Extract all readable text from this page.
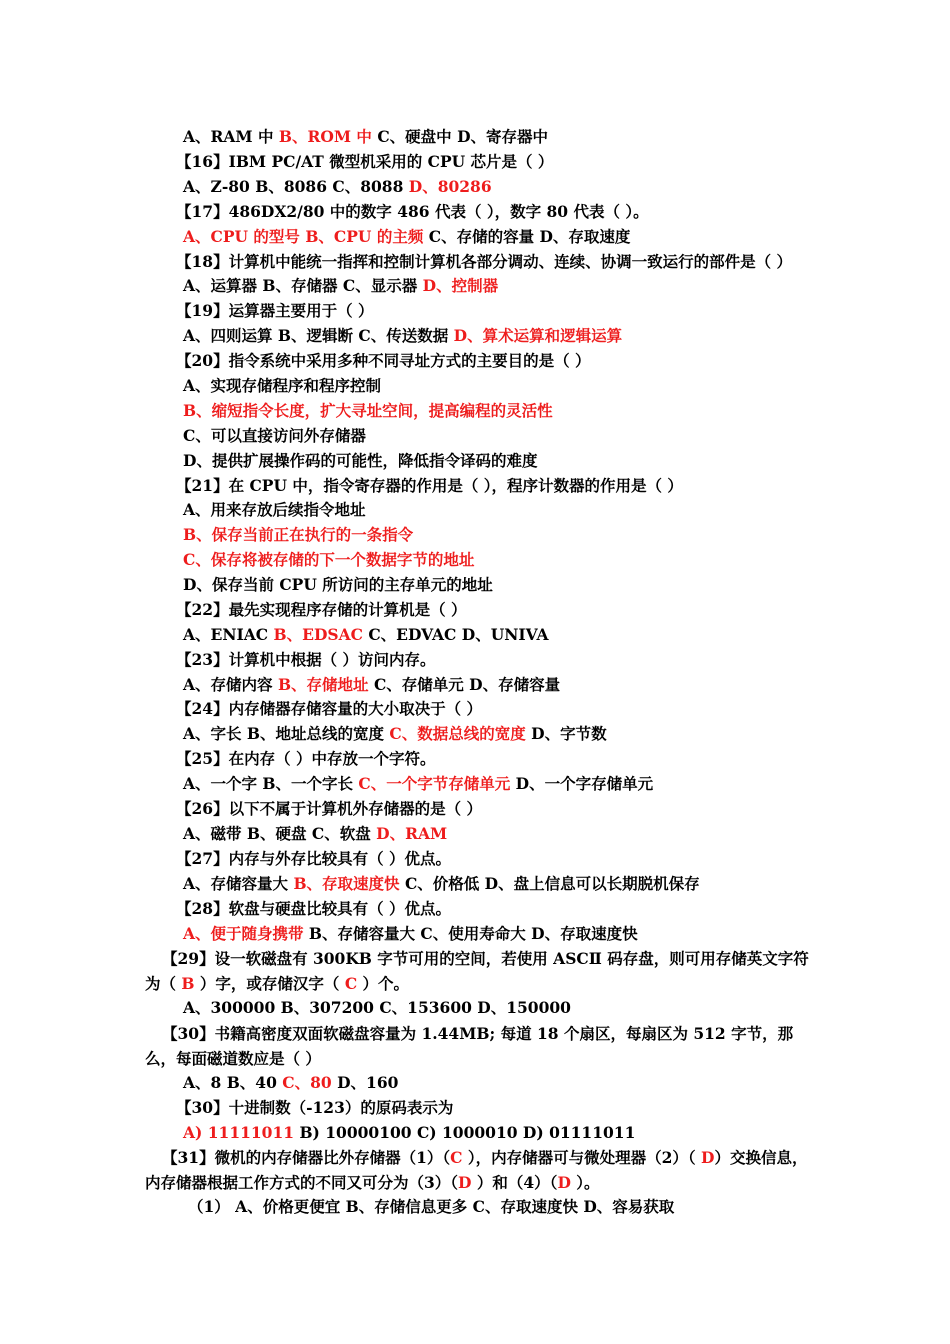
A、RAM 中 B、ROM 中 C、硬盘中 D、寄存器中
【16】IBM PC/AT 微型机采用的 CPU 芯片是（ ）
A、Z-80 B、8086 C、8088 D、80286
【17】486DX2/80 中的数字 486 代表（ ），数字 80 代表（ ）。
A、CPU 的型号 B、CPU 的主频 C、存储的容量 D、存取速度
【18】计算机中能统一指挥和控制计算机各部分调动、连续、协调一致运行的部件是（ ）
A、运算器 B、存储器 C、显示器 D、控制器
【19】运算器主要用于（ ）
A、四则运算 B、逻辑断 C、传送数据 D、算术运算和逻辑运算
【20】指令系统中采用多种不同寻址方式的主要目的是（ ）
A、实现存储程序和程序控制
B、缩短指令长度，扩大寻址空间，提高编程的灵活性
C、可以直接访问外存储器
D、提供扩展操作码的可能性，降低指令译码的难度
【21】在 CPU 中，指令寄存器的作用是（ ），程序计数器的作用是（ ）
A、用来存放后续指令地址
B、保存当前正在执行的一条指令
C、保存将被存储的下一个数据字节的地址
D、保存当前 CPU 所访问的主存单元的地址
【22】最先实现程序存储的计算机是（ ）
A、ENIAC B、EDSAC C、EDVAC D、UNIVA
【23】计算机中根据（ ）访问内存。
A、存储内容 B、存储地址 C、存储单元 D、存储容量
【24】内存储器存储容量的大小取决于（ ）
A、字长 B、地址总线的宽度 C、数据总线的宽度 D、字节数
【25】在内存（ ）中存放一个字符。
A、一个字 B、一个字长 C、一个字节存储单元 D、一个字存储单元
【26】以下不属于计算机外存储器的是（ ）
A、磁带 B、硬盘 C、软盘 D、RAM
【27】内存与外存比较具有（ ）优点。
A、存储容量大 B、存取速度快 C、价格低 D、盘上信息可以长期脱机保存
【28】软盘与硬盘比较具有（ ）优点。
A、便于随身携带 B、存储容量大 C、使用寿命大 D、存取速度快
【29】设一软磁盘有 300KB 字节可用的空间，若使用 ASCⅡ 码存盘，则可用存储英文字符为（ B ）字，或存储汉字（ C ）个。
A、300000 B、307200 C、153600 D、150000
【30】书籍高密度双面软磁盘容量为 1.44MB; 每道 18 个扇区，每扇区为 512 字节，那么，每面磁道数应是（ ）
A、8 B、40 C、80 D、160
【30】十进制数（-123）的原码表示为
A) 11111011 B) 10000100 C) 1000010 D) 01111011
【31】微机的内存储器比外存储器（1）（C ），内存储器可与微处理器（2）（ D）交换信息，内存储器根据工作方式的不同又可分为（3）（D ）和（4）（D ）。
（1） A、价格更便宜 B、存储信息更多 C、存取速度快 D、容易获取
